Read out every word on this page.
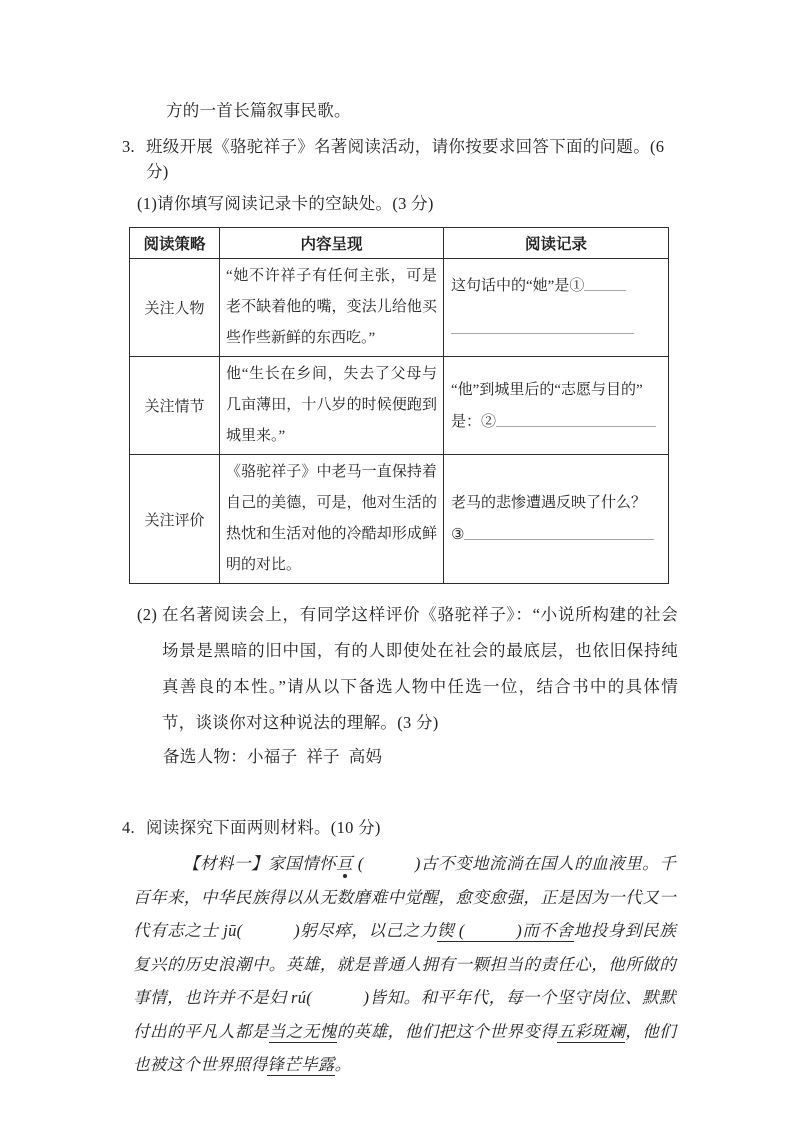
方的一首长篇叙事民歌。

3. 班级开展《骆驼祥子》名著阅读活动，请你按要求回答下面的问题。(6 分)
(1) 请你填写阅读记录卡的空缺处。(3 分)
阅读策略	内容呈现	阅读记录
关注人物	“她不许祥子有任何主张，可是老不缺着他的嘴，变法儿给他买些作些新鲜的东西吃。”	这句话中的“她”是①

关注情节	他“生长在乡间，失去了父母与几亩薄田，十八岁的时候便跑到城里来。”	“他”到城里后的“志愿与目的”
是：②

关注评价	《骆驼祥子》中老马一直保持着自己的美德，可是，他对生活的热忱和生活对他的冷酷却形成鲜明的对比。	老马的悲惨遭遇反映了什么？
③
(2) 在名著阅读会上，有同学这样评价《骆驼祥子》：“小说所构建的社会场景是黑暗的旧中国，有的人即使处在社会的最底层，也依旧保持纯真善良的本性。”请从以下备选人物中任选一位，结合书中的具体情节，谈谈你对这种说法的理解。(3 分)

备选人物：小福子  祥子  高妈

4. 阅读探究下面两则材料。(10 分)

【材料一】家国情怀亘 (　　　)古不变地流淌在国人的血液里。千百年来，中华民族得以从无数磨难中觉醒，愈变愈强，正是因为一代又一代有志之士 jū(　　　)躬尽瘁，以己之力锲 (　　　)而不舍地投身到民族复兴的历史浪潮中。英雄，就是普通人拥有一颗担当的责任心，他所做的事情，也许并不是妇 rú(　　　)皆知。和平年代，每一个坚守岗位、默默付出的平凡人都是当之无愧的英雄，他们把这个世界变得五彩斑斓，他们也被这个世界照得锋芒毕露。
